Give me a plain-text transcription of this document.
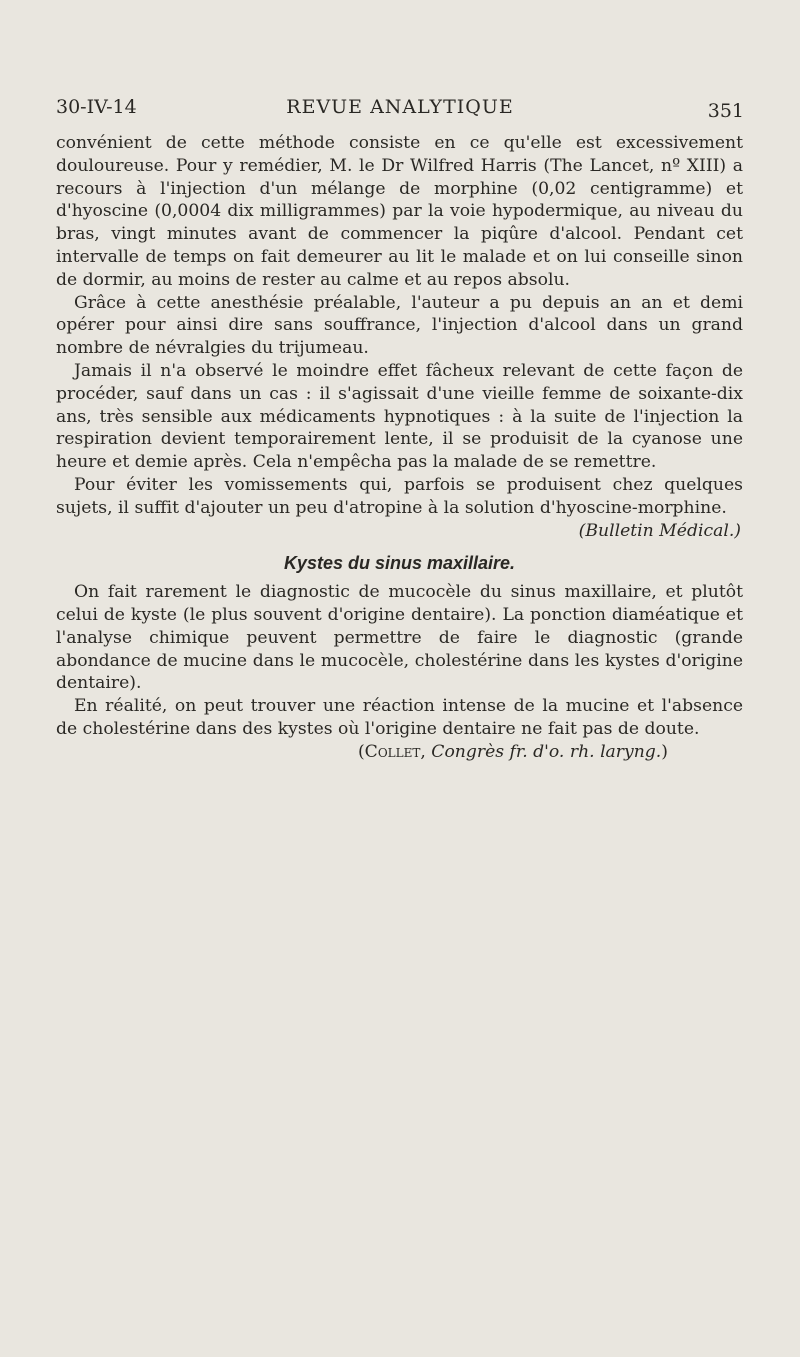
30-IV-14	REVUE ANALYTIQUE	351

convénient de cette méthode consiste en ce qu'elle est excessivement douloureuse. Pour y remédier, M. le Dr Wilfred Harris (The Lancet, nº XIII) a recours à l'injection d'un mélange de morphine (0,02 centigramme) et d'hyoscine (0,0004 dix milligrammes) par la voie hypodermique, au niveau du bras, vingt minutes avant de commencer la piqûre d'alcool. Pendant cet intervalle de temps on fait demeurer au lit le malade et on lui conseille sinon de dormir, au moins de rester au calme et au repos absolu.

Grâce à cette anesthésie préalable, l'auteur a pu depuis an an et demi opérer pour ainsi dire sans souffrance, l'injection d'alcool dans un grand nombre de névralgies du trijumeau.

Jamais il n'a observé le moindre effet fâcheux relevant de cette façon de procéder, sauf dans un cas : il s'agissait d'une vieille femme de soixante-dix ans, très sensible aux médicaments hypnotiques : à la suite de l'injection la respiration devient temporairement lente, il se produisit de la cyanose une heure et demie après. Cela n'empêcha pas la malade de se remettre.

Pour éviter les vomissements qui, parfois se produisent chez quelques sujets, il suffit d'ajouter un peu d'atropine à la solution d'hyoscine-morphine.

(Bulletin Médical.)

Kystes du sinus maxillaire.

On fait rarement le diagnostic de mucocèle du sinus maxillaire, et plutôt celui de kyste (le plus souvent d'origine dentaire). La ponction diaméatique et l'analyse chimique peuvent permettre de faire le diagnostic (grande abondance de mucine dans le mucocèle, cholestérine dans les kystes d'origine dentaire).

En réalité, on peut trouver une réaction intense de la mucine et l'absence de cholestérine dans des kystes où l'origine dentaire ne fait pas de doute.

(Collet, Congrès fr. d'o. rh. laryng.)
